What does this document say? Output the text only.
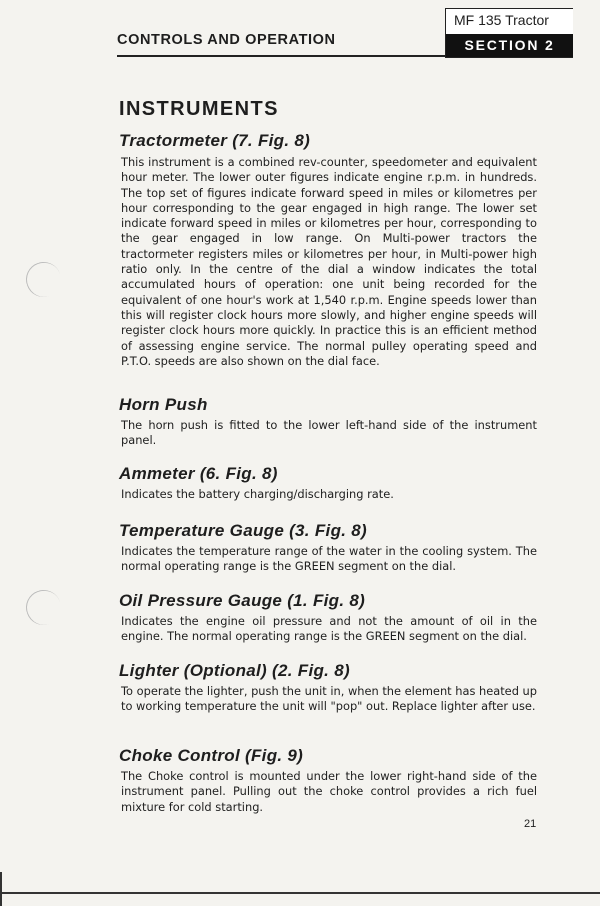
CONTROLS AND OPERATION
MF 135 Tractor
SECTION 2
INSTRUMENTS
Tractormeter (7. Fig. 8)
This instrument is a combined rev-counter, speedometer and equivalent hour meter. The lower outer figures indicate engine r.p.m. in hundreds. The top set of figures indicate forward speed in miles or kilometres per hour corresponding to the gear engaged in high range. The lower set indicate forward speed in miles or kilometres per hour, corresponding to the gear engaged in low range. On Multi-power tractors the tractormeter registers miles or kilometres per hour, in Multi-power high ratio only. In the centre of the dial a window indicates the total accumulated hours of operation: one unit being recorded for the equivalent of one hour's work at 1,540 r.p.m. Engine speeds lower than this will register clock hours more slowly, and higher engine speeds will register clock hours more quickly. In practice this is an efficient method of assessing engine service. The normal pulley operating speed and P.T.O. speeds are also shown on the dial face.
Horn Push
The horn push is fitted to the lower left-hand side of the instrument panel.
Ammeter (6. Fig. 8)
Indicates the battery charging/discharging rate.
Temperature Gauge (3. Fig. 8)
Indicates the temperature range of the water in the cooling system. The normal operating range is the GREEN segment on the dial.
Oil Pressure Gauge (1. Fig. 8)
Indicates the engine oil pressure and not the amount of oil in the engine. The normal operating range is the GREEN segment on the dial.
Lighter (Optional) (2. Fig. 8)
To operate the lighter, push the unit in, when the element has heated up to working temperature the unit will "pop" out. Replace lighter after use.
Choke Control (Fig. 9)
The Choke control is mounted under the lower right-hand side of the instrument panel. Pulling out the choke control provides a rich fuel mixture for cold starting.
21
